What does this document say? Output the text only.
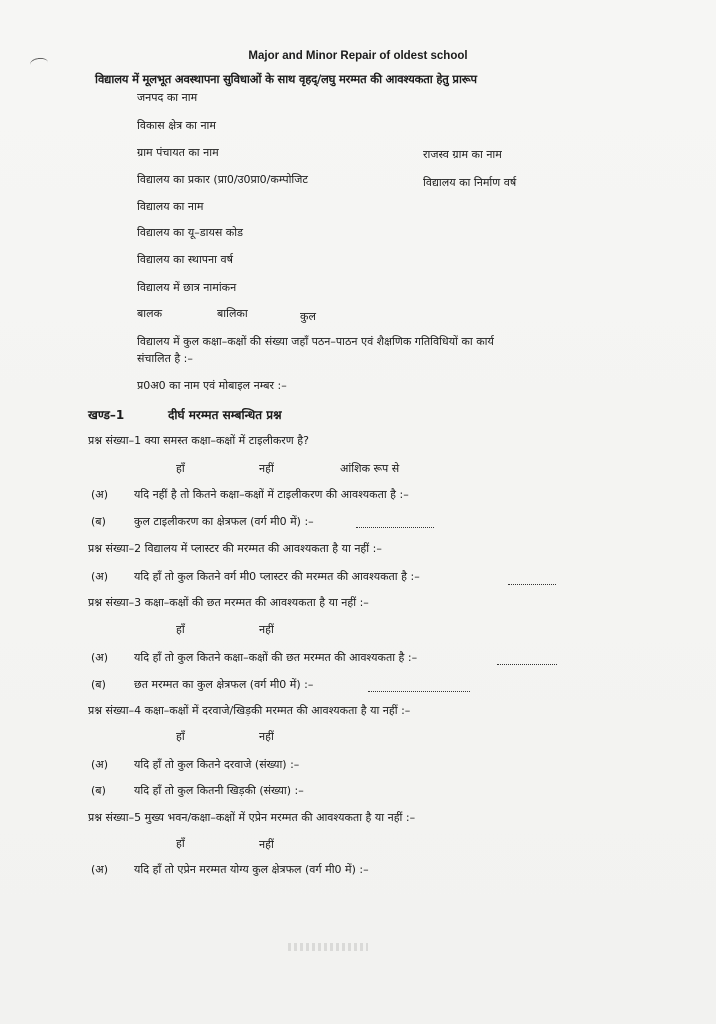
Major and Minor Repair of oldest school
विद्यालय में मूलभूत अवस्थापना सुविधाओं के साथ वृहद्/लघु मरम्मत की आवश्यकता हेतु प्रारूप
जनपद का नाम
विकास क्षेत्र का नाम
ग्राम पंचायत का नाम	राजस्व ग्राम का नाम
विद्यालय का प्रकार (प्रा0/उ0प्रा0/कम्पोजिट	विद्यालय का निर्माण वर्ष
विद्यालय का नाम
विद्यालय का यू–डायस कोड
विद्यालय का स्थापना वर्ष
विद्यालय में छात्र नामांकन
बालक	बालिका	कुल
विद्यालय में कुल कक्षा–कक्षों की संख्या जहाँ पठन–पाठन एवं शैक्षणिक गतिविधियों का कार्य
संचालित है :–
प्र0अ0 का नाम एवं मोबाइल नम्बर :–
खण्ड–1	दीर्घ मरम्मत सम्बन्धित प्रश्न
प्रश्न संख्या–1 क्या समस्त कक्षा–कक्षों में टाइलीकरण है?
हाँ	नहीं	आंशिक रूप से
(अ) यदि नहीं है तो कितने कक्षा–कक्षों में टाइलीकरण की आवश्यकता है :–
(ब)	कुल टाइलीकरण का क्षेत्रफल (वर्ग मी0 में) :–
प्रश्न संख्या–2 विद्यालय में प्लास्टर की मरम्मत की आवश्यकता है या नहीं :–
(अ) यदि हाँ तो कुल कितने वर्ग मी0 प्लास्टर की मरम्मत की आवश्यकता है :–
प्रश्न संख्या–3 कक्षा–कक्षों की छत मरम्मत की आवश्यकता है या नहीं :–
हाँ	नहीं
(अ) यदि हाँ तो कुल कितने कक्षा–कक्षों की छत मरम्मत की आवश्यकता है :–
(ब)	छत मरम्मत का कुल क्षेत्रफल (वर्ग मी0 में) :–
प्रश्न संख्या–4 कक्षा–कक्षों में दरवाजे/खिड़की मरम्मत की आवश्यकता है या नहीं :–
हाँ	नहीं
(अ) यदि हाँ तो कुल कितने दरवाजे (संख्या) :–
(ब)	यदि हाँ तो कुल कितनी खिड़की (संख्या) :–
प्रश्न संख्या–5 मुख्य भवन/कक्षा–कक्षों में एप्रेन मरम्मत की आवश्यकता है या नहीं :–
हाँ	नहीं
(अ) यदि हाँ तो एप्रेन मरम्मत योग्य कुल क्षेत्रफल (वर्ग मी0 में) :–
